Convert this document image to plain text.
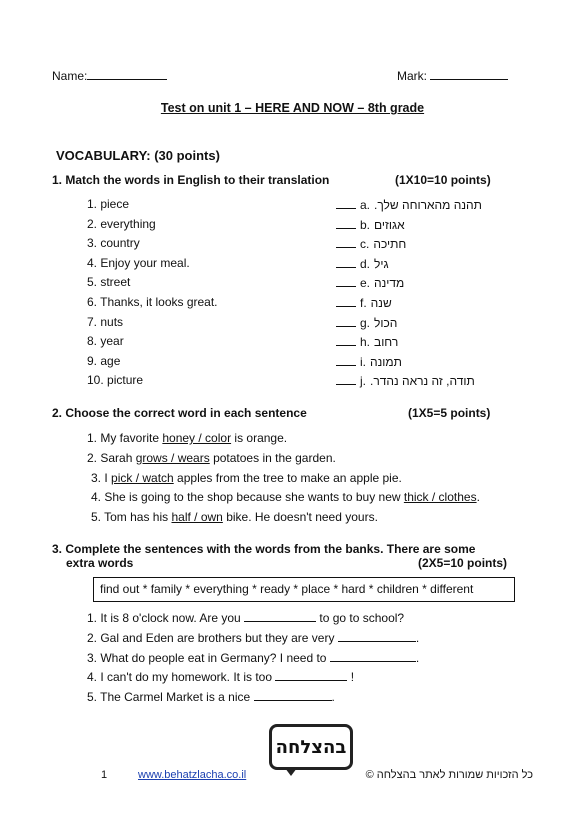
Name:	Mark:
Test on unit 1 – HERE AND NOW – 8th grade
VOCABULARY: (30 points)
1. Match the words in English to their translation	(1X10=10 points)
1. piece	a. תהנה מהארוחה שלך.
2. everything	b. אגוזים
3. country	c. חתיכה
4. Enjoy your meal.	d. גיל
5. street	e. מדינה
6. Thanks, it looks great.	f. שנה
7. nuts	g. הכול
8. year	h. רחוב
9. age	i. תמונה
10. picture	j. תודה, זה נראה נהדר.
2. Choose the correct word in each sentence	(1X5=5 points)
1. My favorite honey / color is orange.
2. Sarah grows / wears potatoes in the garden.
3. I pick / watch apples from the tree to make an apple pie.
4. She is going to the shop because she wants to buy new thick / clothes.
5. Tom has his half / own bike. He doesn't need yours.
3. Complete the sentences with the words from the banks. There are some
extra words	(2X5=10 points)
find out * family * everything * ready * place * hard * children * different
1. It is 8 o'clock now. Are you	to go to school?
2. Gal and Eden are brothers but they are very	.
3. What do people eat in Germany? I need to	.
4. I can't do my homework. It is too	!
5. The Carmel Market is a nice	.
בהצלחה
1	www.behatzlacha.co.il	כל הזכויות שמורות לאתר בהצלחה ©
